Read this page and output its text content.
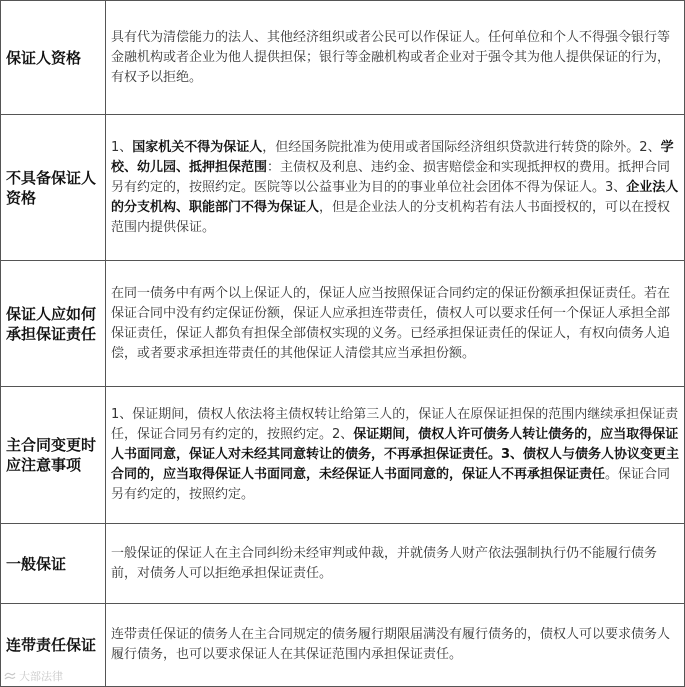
保证人资格	具有代为清偿能力的法人、其他经济组织或者公民可以作保证人。任何单位和个人不得强令银行等金融机构或者企业为他人提供担保；银行等金融机构或者企业对于强令其为他人提供保证的行为，有权予以拒绝。
不具备保证人资格	1、国家机关不得为保证人，但经国务院批准为使用或者国际经济组织贷款进行转贷的除外。2、学校、幼儿园、抵押担保范围：主债权及利息、违约金、损害赔偿金和实现抵押权的费用。抵押合同另有约定的，按照约定。医院等以公益事业为目的的事业单位社会团体不得为保证人。3、企业法人的分支机构、职能部门不得为保证人，但是企业法人的分支机构若有法人书面授权的，可以在授权范围内提供保证。
保证人应如何承担保证责任	在同一债务中有两个以上保证人的，保证人应当按照保证合同约定的保证份额承担保证责任。若在保证合同中没有约定保证份额，保证人应承担连带责任，债权人可以要求任何一个保证人承担全部保证责任，保证人都负有担保全部债权实现的义务。已经承担保证责任的保证人，有权向债务人追偿，或者要求承担连带责任的其他保证人清偿其应当承担份额。
主合同变更时应注意事项	1、保证期间，债权人依法将主债权转让给第三人的，保证人在原保证担保的范围内继续承担保证责任，保证合同另有约定的，按照约定。2、保证期间，债权人许可债务人转让债务的，应当取得保证人书面同意，保证人对未经其同意转让的债务，不再承担保证责任。3、债权人与债务人协议变更主合同的，应当取得保证人书面同意，未经保证人书面同意的，保证人不再承担保证责任。保证合同另有约定的，按照约定。
一般保证	一般保证的保证人在主合同纠纷未经审判或仲裁，并就债务人财产依法强制执行仍不能履行债务前，对债务人可以拒绝承担保证责任。
连带责任保证	连带责任保证的债务人在主合同规定的债务履行期限届满没有履行债务的，债权人可以要求债务人履行债务，也可以要求保证人在其保证范围内承担保证责任。
大部法律
